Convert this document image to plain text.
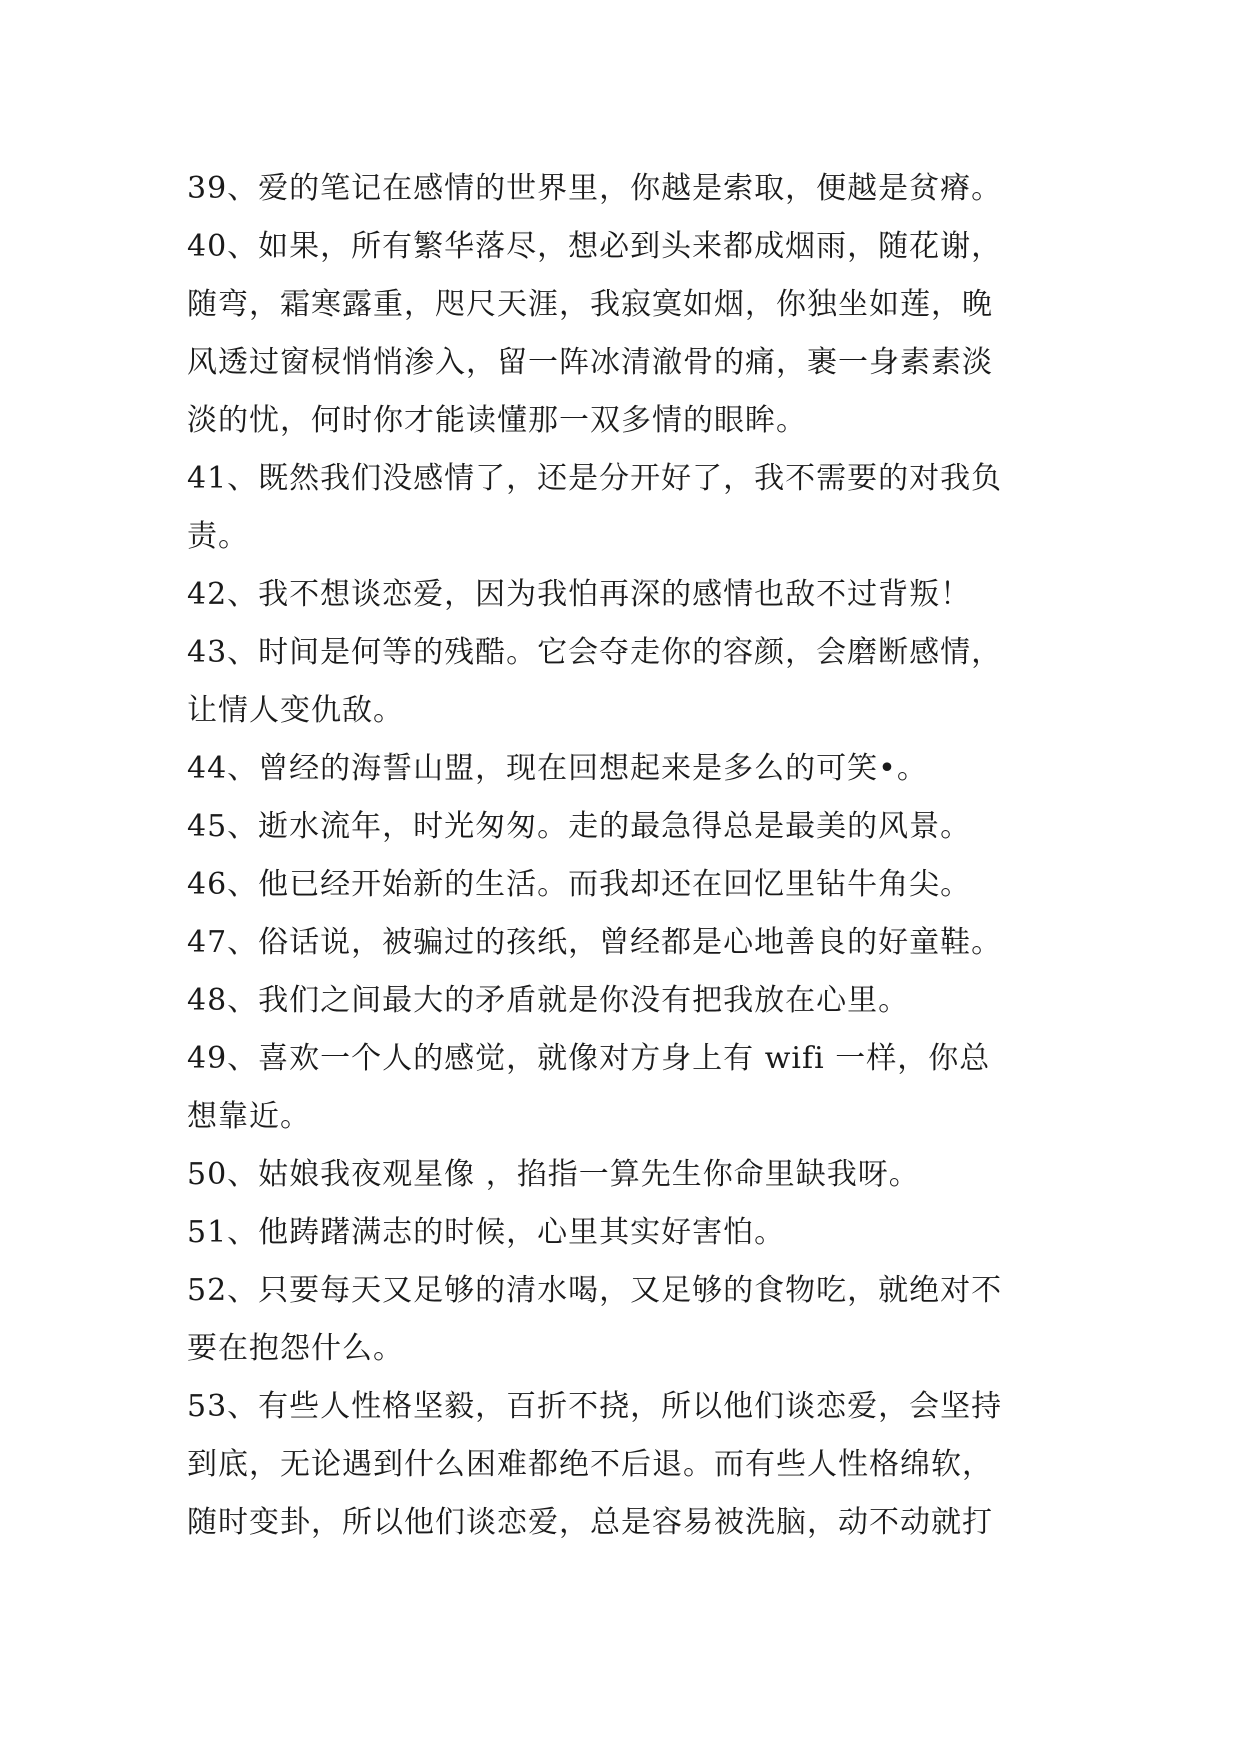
39、爱的笔记在感情的世界里，你越是索取，便越是贫瘠。
40、如果，所有繁华落尽，想必到头来都成烟雨，随花谢，
随弯，霜寒露重，咫尺天涯，我寂寞如烟，你独坐如莲，晚
风透过窗棂悄悄渗入，留一阵冰清澈骨的痛，裹一身素素淡
淡的忧，何时你才能读懂那一双多情的眼眸。
41、既然我们没感情了，还是分开好了，我不需要的对我负
责。
42、我不想谈恋爱，因为我怕再深的感情也敌不过背叛！
43、时间是何等的残酷。它会夺走你的容颜，会磨断感情，
让情人变仇敌。
44、曾经的海誓山盟，现在回想起来是多么的可笑•。
45、逝水流年，时光匆匆。走的最急得总是最美的风景。
46、他已经开始新的生活。而我却还在回忆里钻牛角尖。
47、俗话说，被骗过的孩纸，曾经都是心地善良的好童鞋。
48、我们之间最大的矛盾就是你没有把我放在心里。
49、喜欢一个人的感觉，就像对方身上有 wifi 一样，你总
想靠近。
50、姑娘我夜观星像 ，掐指一算先生你命里缺我呀。
51、他踌躇满志的时候，心里其实好害怕。
52、只要每天又足够的清水喝，又足够的食物吃，就绝对不
要在抱怨什么。
53、有些人性格坚毅，百折不挠，所以他们谈恋爱，会坚持
到底，无论遇到什么困难都绝不后退。而有些人性格绵软，
随时变卦，所以他们谈恋爱，总是容易被洗脑，动不动就打
